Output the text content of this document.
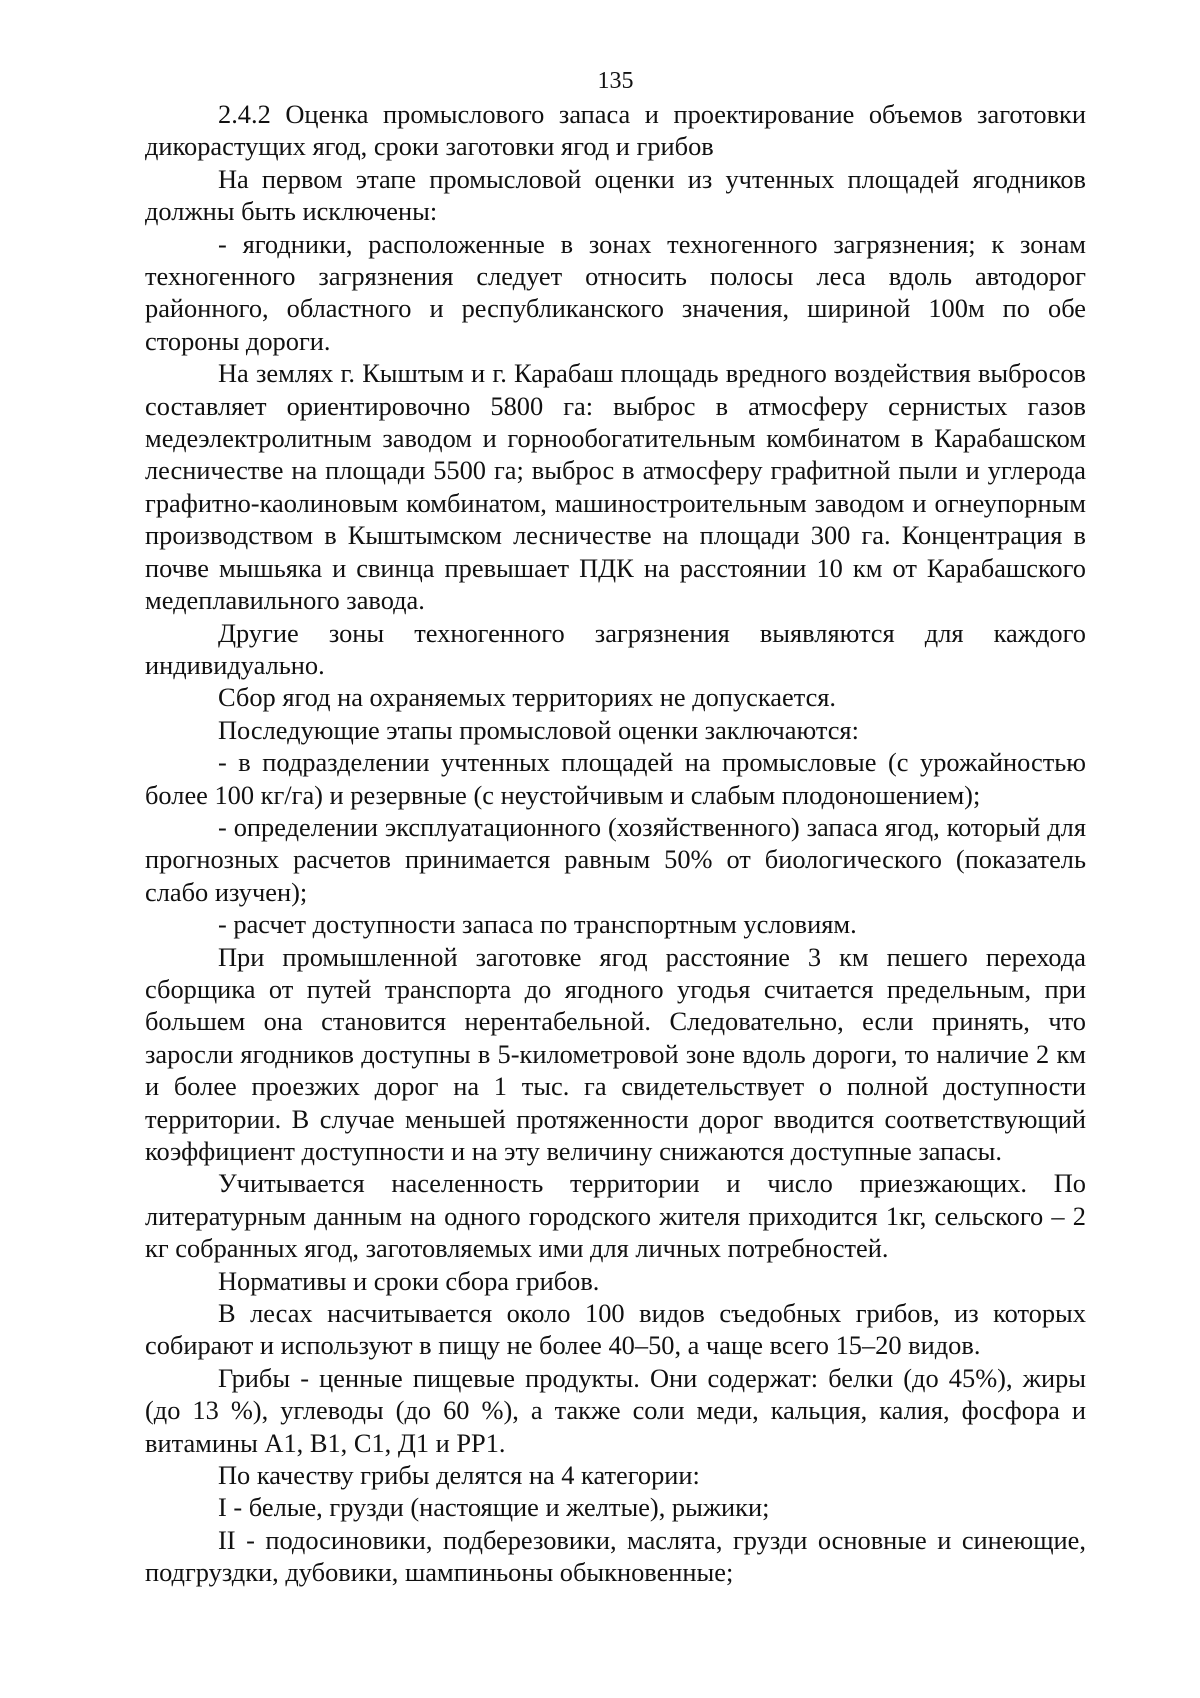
135

2.4.2 Оценка промыслового запаса и проектирование объемов заготовки дикорастущих ягод, сроки заготовки ягод и грибов

На первом этапе промысловой оценки из учтенных площадей ягодников должны быть исключены:

- ягодники, расположенные в зонах техногенного загрязнения; к зонам техногенного загрязнения следует относить полосы леса вдоль автодорог районного, областного и республиканского значения, шириной 100м по обе стороны дороги.

На землях г. Кыштым и г. Карабаш площадь вредного воздействия выбросов составляет ориентировочно 5800 га: выброс в атмосферу сернистых газов медеэлектролитным заводом и горнообогатительным комбинатом в Карабашском лесничестве на площади 5500 га; выброс в атмосферу графитной пыли и углерода графитно-каолиновым комбинатом, машиностроительным заводом и огнеупорным производством в Кыштымском лесничестве на площади 300 га. Концентрация в почве мышьяка и свинца превышает ПДК на расстоянии 10 км от Карабашского медеплавильного завода.

Другие зоны техногенного загрязнения выявляются для каждого индивидуально.

Сбор ягод на охраняемых территориях не допускается.

Последующие этапы промысловой оценки заключаются:

- в подразделении учтенных площадей на промысловые (с урожайностью более 100 кг/га) и резервные (с неустойчивым и слабым плодоношением);

- определении эксплуатационного (хозяйственного) запаса ягод, который для прогнозных расчетов принимается равным 50% от биологического (показатель слабо изучен);

- расчет доступности запаса по транспортным условиям.

При промышленной заготовке ягод расстояние 3 км пешего перехода сборщика от путей транспорта до ягодного угодья считается предельным, при большем она становится нерентабельной. Следовательно, если принять, что заросли ягодников доступны в 5-километровой зоне вдоль дороги, то наличие 2 км и более проезжих дорог на 1 тыс. га свидетельствует о полной доступности территории. В случае меньшей протяженности дорог вводится соответствующий коэффициент доступности и на эту величину снижаются доступные запасы.

Учитывается населенность территории и число приезжающих. По литературным данным на одного городского жителя приходится 1кг, сельского – 2 кг собранных ягод, заготовляемых ими для личных потребностей.

Нормативы и сроки сбора грибов.

В лесах насчитывается около 100 видов съедобных грибов, из которых собирают и используют в пищу не более 40–50, а чаще всего 15–20 видов.

Грибы - ценные пищевые продукты. Они содержат: белки (до 45%), жиры (до 13 %), углеводы (до 60 %), а также соли меди, кальция, калия, фосфора и витамины А1, В1, С1, Д1 и РР1.

По качеству грибы делятся на 4 категории:

I - белые, грузди (настоящие и желтые), рыжики;

II - подосиновики, подберезовики, маслята, грузди основные и синеющие, подгруздки, дубовики, шампиньоны обыкновенные;
